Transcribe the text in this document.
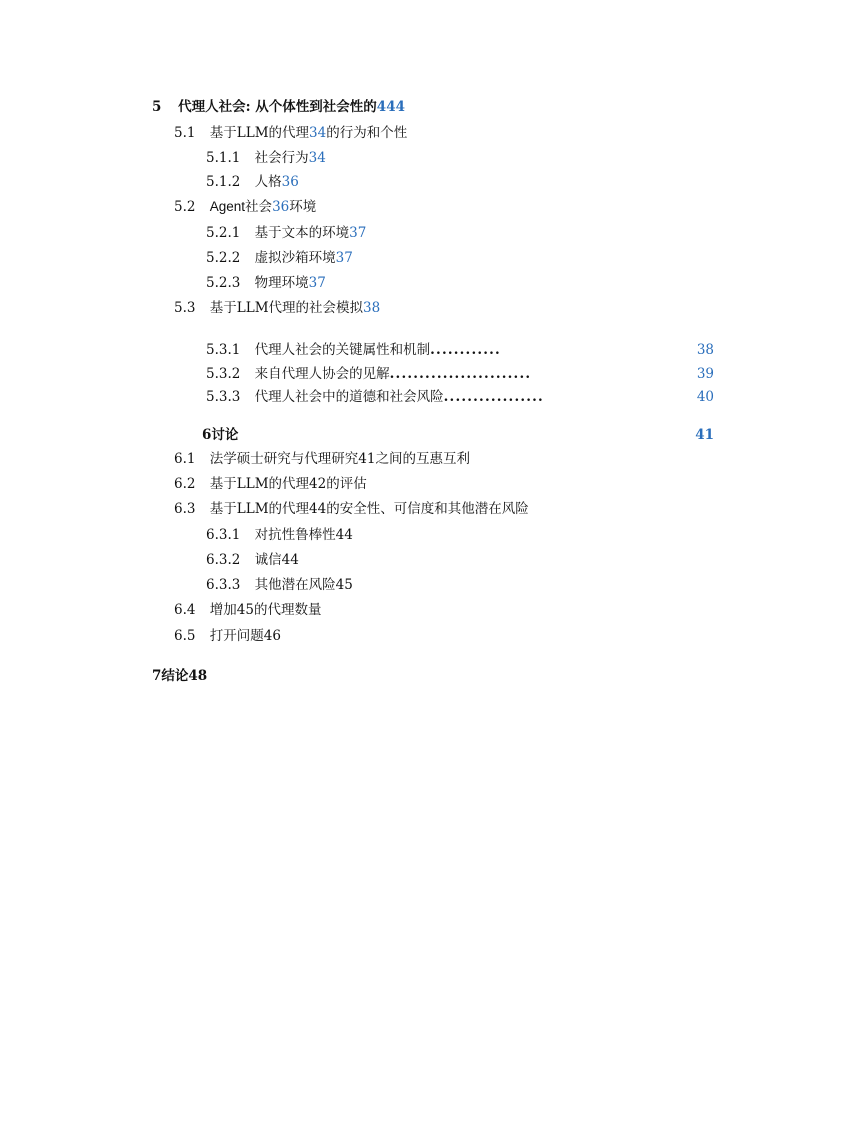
5 代理人社会: 从个体性到社会性的444
5.1 基于LLM的代理34的行为和个性
5.1.1 社会行为34
5.1.2 人格36
5.2 Agent社会36环境
5.2.1 基于文本的环境37
5.2.2 虚拟沙箱环境37
5.2.3 物理环境37
5.3 基于LLM代理的社会模拟38
5.3.1 代理人社会的关键属性和机制............	38
5.3.2 来自代理人协会的见解........................	39
5.3.3 代理人社会中的道德和社会风险.................	40
6讨论	41
6.1 法学硕士研究与代理研究41之间的互惠互利
6.2 基于LLM的代理42的评估
6.3 基于LLM的代理44的安全性、可信度和其他潜在风险
6.3.1 对抗性鲁棒性44
6.3.2 诚信44
6.3.3 其他潜在风险45
6.4 增加45的代理数量
6.5 打开问题46
7结论48
